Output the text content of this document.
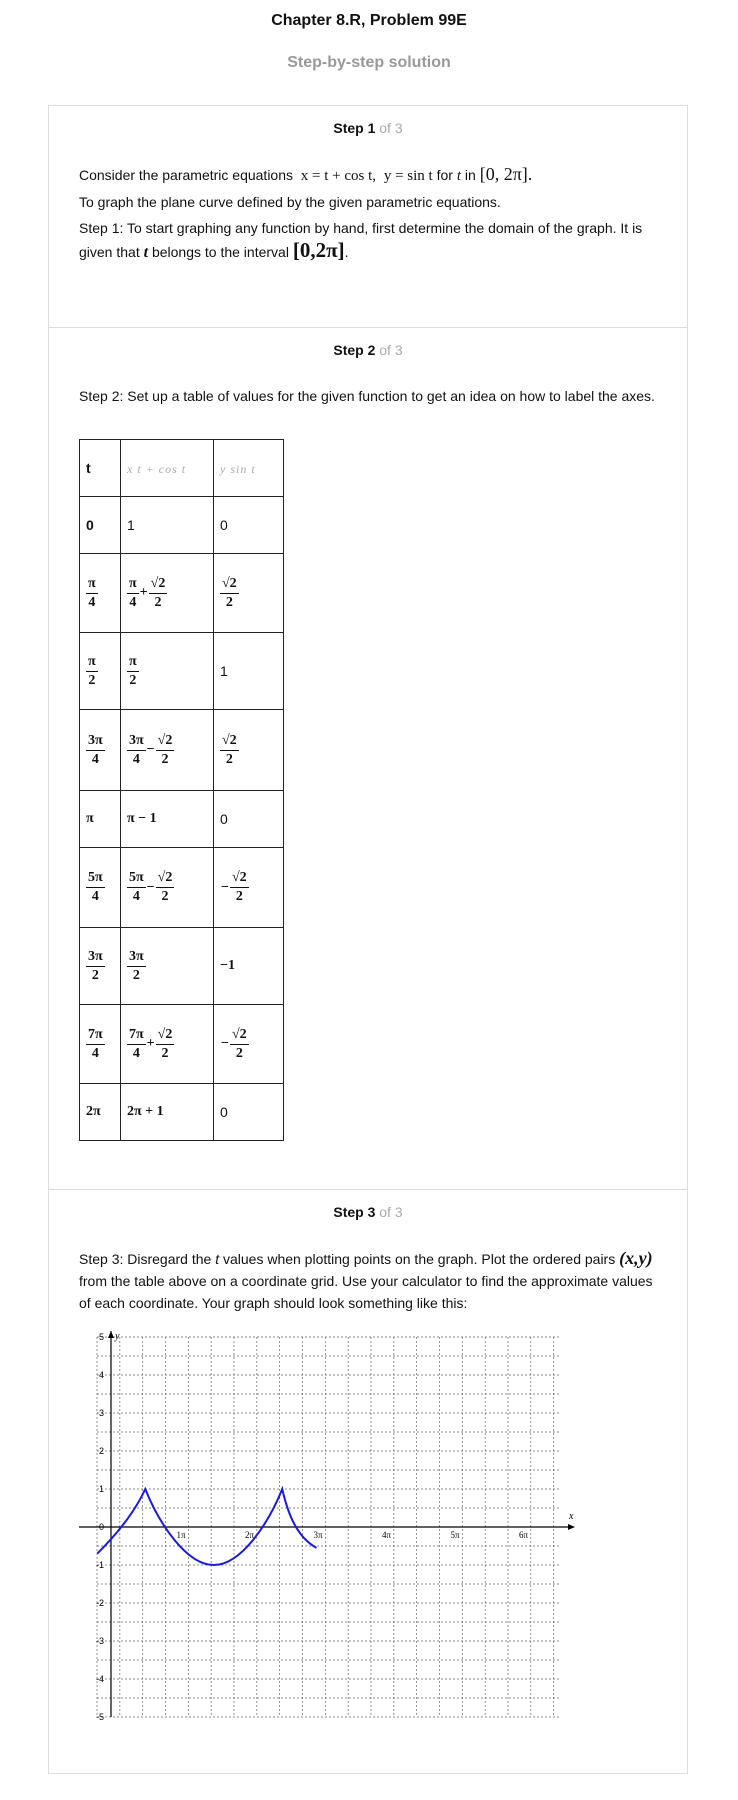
Chapter 8.R, Problem 99E
Step-by-step solution
Step 1 of 3
Consider the parametric equations x = t + cos t, y = sin t for t in [0, 2π].
To graph the plane curve defined by the given parametric equations.
Step 1: To start graphing any function by hand, first determine the domain of the graph. It is given that t belongs to the interval [0,2π].
Step 2 of 3
Step 2: Set up a table of values for the given function to get an idea on how to label the axes.
t	x t + cos t	y sin t
0	1	0

$\frac{\pi}{4}$	$\frac{\pi}{4} + \frac{√2}{2}$	$\frac{√2}{2}$

$\frac{\pi}{2}$	$\frac{\pi}{2}$	1

$\frac{3\pi}{4}$	$\frac{3\pi}{4} - \frac{√2}{2}$	$\frac{√2}{2}$

π	π − 1	0

$\frac{5\pi}{4}$	$\frac{5\pi}{4} - \frac{√2}{2}$	− $\frac{√2}{2}$

$\frac{3\pi}{2}$	$\frac{3\pi}{2}$	−1

$\frac{7\pi}{4}$	$\frac{7\pi}{4} + \frac{√2}{2}$	− $\frac{√2}{2}$

2π	2π + 1	0
Step 3 of 3
Step 3: Disregard the t values when plotting points on the graph. Plot the ordered pairs (x,y) from the table above on a coordinate grid. Use your calculator to find the approximate values of each coordinate. Your graph should look something like this:
x
y
1π	2π	3π	4π	5π	6π
5
4
3
2
1
0
-1
-2
-3
-4
-5
